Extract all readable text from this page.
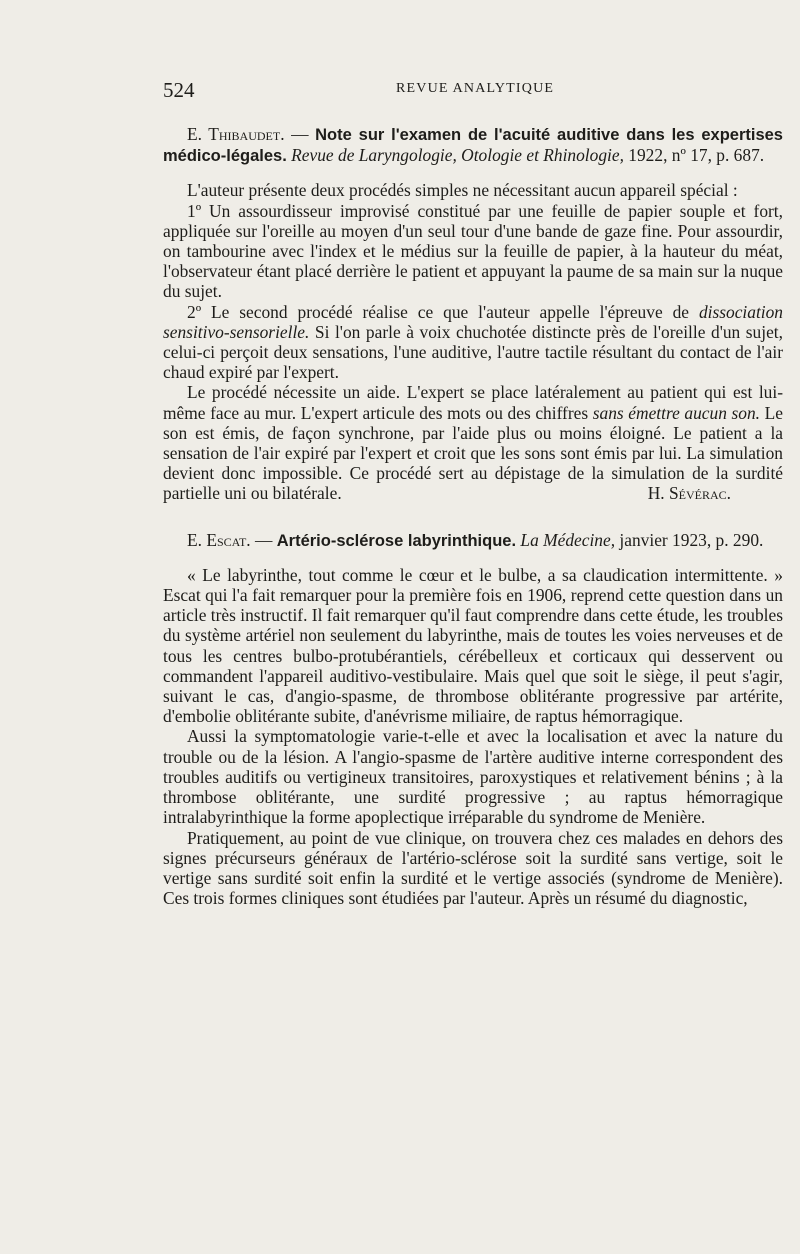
524	REVUE ANALYTIQUE

E. Thibaudet. — Note sur l'examen de l'acuité auditive dans les expertises médico-légales. Revue de Laryngologie, Otologie et Rhinologie, 1922, nº 17, p. 687.

L'auteur présente deux procédés simples ne nécessitant aucun appareil spécial :

1º Un assourdisseur improvisé constitué par une feuille de papier souple et fort, appliquée sur l'oreille au moyen d'un seul tour d'une bande de gaze fine. Pour assourdir, on tambourine avec l'index et le médius sur la feuille de papier, à la hauteur du méat, l'observateur étant placé derrière le patient et appuyant la paume de sa main sur la nuque du sujet.

2º Le second procédé réalise ce que l'auteur appelle l'épreuve de dissociation sensitivo-sensorielle. Si l'on parle à voix chuchotée distincte près de l'oreille d'un sujet, celui-ci perçoit deux sensations, l'une auditive, l'autre tactile résultant du contact de l'air chaud expiré par l'expert.

Le procédé nécessite un aide. L'expert se place latéralement au patient qui est lui-même face au mur. L'expert articule des mots ou des chiffres sans émettre aucun son. Le son est émis, de façon synchrone, par l'aide plus ou moins éloigné. Le patient a la sensation de l'air expiré par l'expert et croit que les sons sont émis par lui. La simulation devient donc impossible. Ce procédé sert au dépistage de la simulation de la surdité partielle uni ou bilatérale.	H. Sévérac.

E. Escat. — Artério-sclérose labyrinthique. La Médecine, janvier 1923, p. 290.

« Le labyrinthe, tout comme le cœur et le bulbe, a sa claudication intermittente. » Escat qui l'a fait remarquer pour la première fois en 1906, reprend cette question dans un article très instructif. Il fait remarquer qu'il faut comprendre dans cette étude, les troubles du système artériel non seulement du labyrinthe, mais de toutes les voies nerveuses et de tous les centres bulbo-protubérantiels, cérébelleux et corticaux qui desservent ou commandent l'appareil auditivo-vestibulaire. Mais quel que soit le siège, il peut s'agir, suivant le cas, d'angio-spasme, de thrombose oblitérante progressive par artérite, d'embolie oblitérante subite, d'anévrisme miliaire, de raptus hémorragique.

Aussi la symptomatologie varie-t-elle et avec la localisation et avec la nature du trouble ou de la lésion. A l'angio-spasme de l'artère auditive interne correspondent des troubles auditifs ou vertigineux transitoires, paroxystiques et relativement bénins ; à la thrombose oblitérante, une surdité progressive ; au raptus hémorragique intralabyrinthique la forme apoplectique irréparable du syndrome de Menière.

Pratiquement, au point de vue clinique, on trouvera chez ces malades en dehors des signes précurseurs généraux de l'artério-sclérose soit la surdité sans vertige, soit le vertige sans surdité soit enfin la surdité et le vertige associés (syndrome de Menière). Ces trois formes cliniques sont étudiées par l'auteur. Après un résumé du diagnostic,
